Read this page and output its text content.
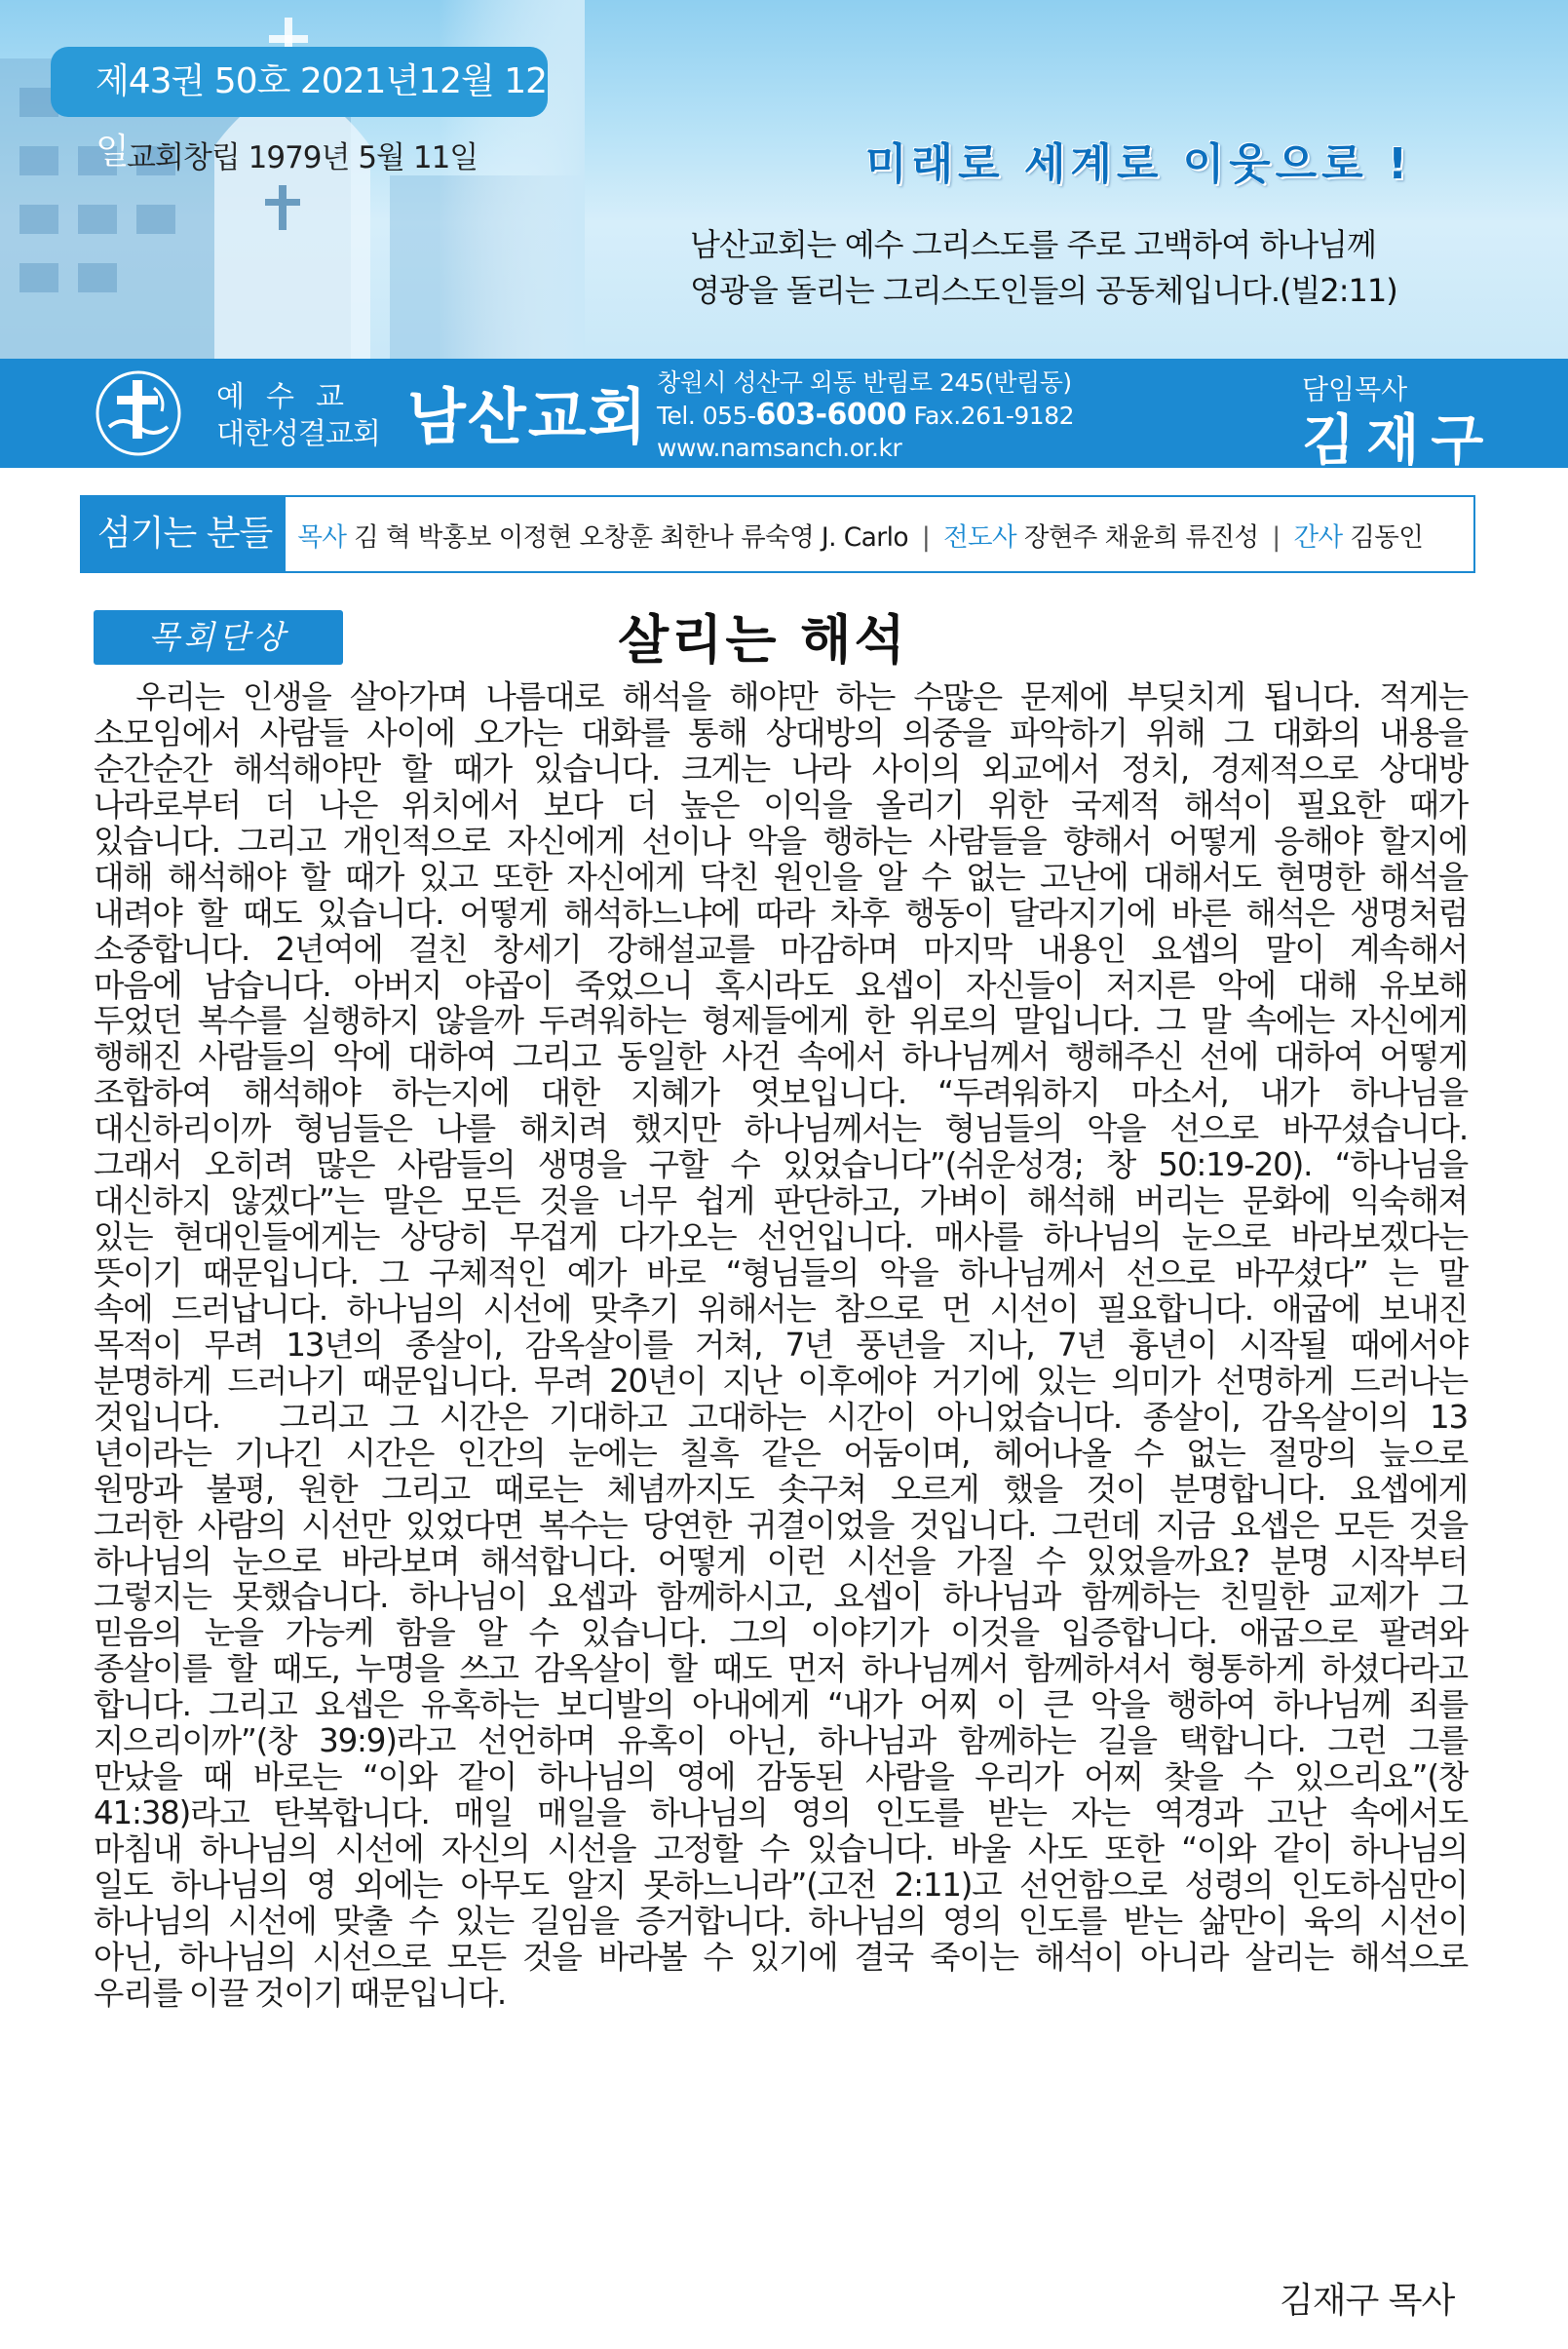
제43권 50호 2021년12월 12일
교회창립 1979년 5월 11일	미래로 세계로 이웃으로 !
남산교회는 예수 그리스도를 주로 고백하여 하나님께
영광을 돌리는 그리스도인들의 공동체입니다.(빌2:11)
예수교
대한성결교회 남산교회 창원시 성산구 외동 반림로 245(반림동)
Tel. 055-603-6000 Fax.261-9182
www.namsanch.or.kr
담임목사
김재구
섬기는 분들 목사 김 혁 박홍보 이정현 오창훈 최한나 류숙영 J. Carlo | 전도사 장현주 채윤희 류진성 | 간사 김동인
목회단상	살리는 해석
　우리는 인생을 살아가며 나름대로 해석을 해야만 하는 수많은 문제에 부딪치게 됩니다. 적게는
소모임에서 사람들 사이에 오가는 대화를 통해 상대방의 의중을 파악하기 위해 그 대화의 내용을
순간순간 해석해야만 할 때가 있습니다. 크게는 나라 사이의 외교에서 정치, 경제적으로 상대방
나라로부터 더 나은 위치에서 보다 더 높은 이익을 올리기 위한 국제적 해석이 필요한 때가
있습니다. 그리고 개인적으로 자신에게 선이나 악을 행하는 사람들을 향해서 어떻게 응해야 할지에
대해 해석해야 할 때가 있고 또한 자신에게 닥친 원인을 알 수 없는 고난에 대해서도 현명한 해석을
내려야 할 때도 있습니다. 어떻게 해석하느냐에 따라 차후 행동이 달라지기에 바른 해석은 생명처럼
소중합니다. 2년여에 걸친 창세기 강해설교를 마감하며 마지막 내용인 요셉의 말이 계속해서
마음에 남습니다. 아버지 야곱이 죽었으니 혹시라도 요셉이 자신들이 저지른 악에 대해 유보해
두었던 복수를 실행하지 않을까 두려워하는 형제들에게 한 위로의 말입니다. 그 말 속에는 자신에게
행해진 사람들의 악에 대하여 그리고 동일한 사건 속에서 하나님께서 행해주신 선에 대하여 어떻게
조합하여 해석해야 하는지에 대한 지혜가 엿보입니다. “두려워하지 마소서, 내가 하나님을
대신하리이까 형님들은 나를 해치려 했지만 하나님께서는 형님들의 악을 선으로 바꾸셨습니다.
그래서 오히려 많은 사람들의 생명을 구할 수 있었습니다”(쉬운성경; 창 50:19-20). “하나님을
대신하지 않겠다”는 말은 모든 것을 너무 쉽게 판단하고, 가벼이 해석해 버리는 문화에 익숙해져
있는 현대인들에게는 상당히 무겁게 다가오는 선언입니다. 매사를 하나님의 눈으로 바라보겠다는
뜻이기 때문입니다. 그 구체적인 예가 바로 “형님들의 악을 하나님께서 선으로 바꾸셨다” 는 말
속에 드러납니다. 하나님의 시선에 맞추기 위해서는 참으로 먼 시선이 필요합니다. 애굽에 보내진
목적이 무려 13년의 종살이, 감옥살이를 거쳐, 7년 풍년을 지나, 7년 흉년이 시작될 때에서야
분명하게 드러나기 때문입니다. 무려 20년이 지난 이후에야 거기에 있는 의미가 선명하게 드러나는
것입니다.　그리고 그 시간은 기대하고 고대하는 시간이 아니었습니다. 종살이, 감옥살이의 13
년이라는 기나긴 시간은 인간의 눈에는 칠흑 같은 어둠이며, 헤어나올 수 없는 절망의 늪으로
원망과 불평, 원한 그리고 때로는 체념까지도 솟구쳐 오르게 했을 것이 분명합니다. 요셉에게
그러한 사람의 시선만 있었다면 복수는 당연한 귀결이었을 것입니다. 그런데 지금 요셉은 모든 것을
하나님의 눈으로 바라보며 해석합니다. 어떻게 이런 시선을 가질 수 있었을까요? 분명 시작부터
그렇지는 못했습니다. 하나님이 요셉과 함께하시고, 요셉이 하나님과 함께하는 친밀한 교제가 그
믿음의 눈을 가능케 함을 알 수 있습니다. 그의 이야기가 이것을 입증합니다. 애굽으로 팔려와
종살이를 할 때도, 누명을 쓰고 감옥살이 할 때도 먼저 하나님께서 함께하셔서 형통하게 하셨다라고
합니다. 그리고 요셉은 유혹하는 보디발의 아내에게 “내가 어찌 이 큰 악을 행하여 하나님께 죄를
지으리이까”(창 39:9)라고 선언하며 유혹이 아닌, 하나님과 함께하는 길을 택합니다. 그런 그를
만났을 때 바로는 “이와 같이 하나님의 영에 감동된 사람을 우리가 어찌 찾을 수 있으리요”(창
41:38)라고 탄복합니다. 매일 매일을 하나님의 영의 인도를 받는 자는 역경과 고난 속에서도
마침내 하나님의 시선에 자신의 시선을 고정할 수 있습니다. 바울 사도 또한 “이와 같이 하나님의
일도 하나님의 영 외에는 아무도 알지 못하느니라”(고전 2:11)고 선언함으로 성령의 인도하심만이
하나님의 시선에 맞출 수 있는 길임을 증거합니다. 하나님의 영의 인도를 받는 삶만이 육의 시선이
아닌, 하나님의 시선으로 모든 것을 바라볼 수 있기에 결국 죽이는 해석이 아니라 살리는 해석으로
우리를 이끌 것이기 때문입니다.
김재구 목사
